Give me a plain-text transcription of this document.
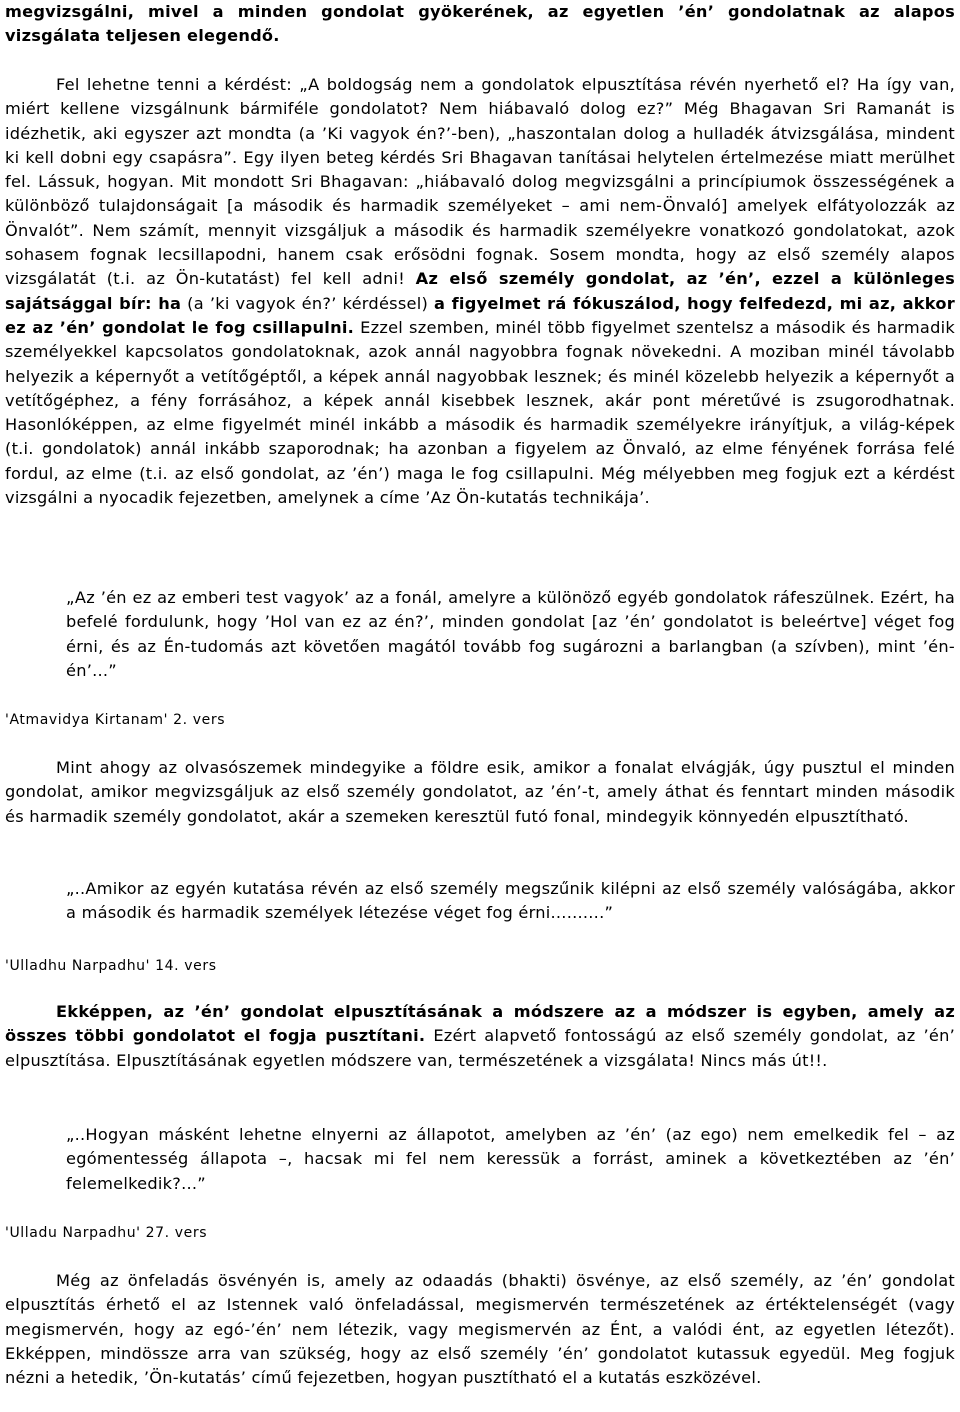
megvizsgálni, mivel a minden gondolat gyökerének, az egyetlen ’én’ gondolatnak az alapos vizsgálata teljesen elegendő.

Fel lehetne tenni a kérdést: „A boldogság nem a gondolatok elpusztítása révén nyerhető el? Ha így van, miért kellene vizsgálnunk bármiféle gondolatot? Nem hiábavaló dolog ez?” Még Bhagavan Sri Ramanát is idézhetik, aki egyszer azt mondta (a ’Ki vagyok én?’-ben), „haszontalan dolog a hulladék átvizsgálása, mindent ki kell dobni egy csapásra”. Egy ilyen beteg kérdés Sri Bhagavan tanításai helytelen értelmezése miatt merülhet fel. Lássuk, hogyan. Mit mondott Sri Bhagavan: „hiábavaló dolog megvizsgálni a princípiumok összességének a különböző tulajdonságait [a második és harmadik személyeket – ami nem-Önvaló] amelyek elfátyolozzák az Önvalót”. Nem számít, mennyit vizsgáljuk a második és harmadik személyekre vonatkozó gondolatokat, azok sohasem fognak lecsillapodni, hanem csak erősödni fognak. Sosem mondta, hogy az első személy alapos vizsgálatát (t.i. az Ön-kutatást) fel kell adni! Az első személy gondolat, az ’én’, ezzel a különleges sajátsággal bír: ha (a ’ki vagyok én?’ kérdéssel) a figyelmet rá fókuszálod, hogy felfedezd, mi az, akkor ez az ’én’ gondolat le fog csillapulni. Ezzel szemben, minél több figyelmet szentelsz a második és harmadik személyekkel kapcsolatos gondolatoknak, azok annál nagyobbra fognak növekedni. A moziban minél távolabb helyezik a képernyőt a vetítőgéptől, a képek annál nagyobbak lesznek; és minél közelebb helyezik a képernyőt a vetítőgéphez, a fény forrásához, a képek annál kisebbek lesznek, akár pont méretűvé is zsugorodhatnak. Hasonlóképpen, az elme figyelmét minél inkább a második és harmadik személyekre irányítjuk, a világ-képek (t.i. gondolatok) annál inkább szaporodnak; ha azonban a figyelem az Önvaló, az elme fényének forrása felé fordul, az elme (t.i. az első gondolat, az ’én’) maga le fog csillapulni. Még mélyebben meg fogjuk ezt a kérdést vizsgálni a nyocadik fejezetben, amelynek a címe ’Az Ön-kutatás technikája’.

„Az ’én ez az emberi test vagyok’ az a fonál, amelyre a különöző egyéb gondolatok ráfeszülnek. Ezért, ha befelé fordulunk, hogy ’Hol van ez az én?’, minden gondolat [az ’én’ gondolatot is beleértve] véget fog érni, és az Én-tudomás azt követően magától tovább fog sugározni a barlangban (a szívben), mint ’én-én’...”

'Atmavidya Kirtanam' 2. vers

Mint ahogy az olvasószemek mindegyike a földre esik, amikor a fonalat elvágják, úgy pusztul el minden gondolat, amikor megvizsgáljuk az első személy gondolatot, az ’én’-t, amely áthat és fenntart minden második és harmadik személy gondolatot, akár a szemeken keresztül futó fonal, mindegyik könnyedén elpusztítható.

„..Amikor az egyén kutatása révén az első személy megszűnik kilépni az első személy valóságába, akkor a második és harmadik személyek létezése véget fog érni..........”

'Ulladhu Narpadhu' 14. vers

Ekképpen, az ’én’ gondolat elpusztításának a módszere az a módszer is egyben, amely az összes többi gondolatot el fogja pusztítani. Ezért alapvető fontosságú az első személy gondolat, az ’én’ elpusztítása. Elpusztításának egyetlen módszere van, természetének a vizsgálata! Nincs más út!!.

„..Hogyan másként lehetne elnyerni az állapotot, amelyben az ’én’ (az ego) nem emelkedik fel – az egómentesség állapota –, hacsak mi fel nem keressük a forrást, aminek a következtében az ’én’ felemelkedik?...”

'Ulladu Narpadhu' 27. vers

Még az önfeladás ösvényén is, amely az odaadás (bhakti) ösvénye, az első személy, az ’én’ gondolat elpusztítás érhető el az Istennek való önfeladással, megismervén természetének az értéktelenségét (vagy megismervén, hogy az egó-’én’ nem létezik, vagy megismervén az Ént, a valódi ént, az egyetlen létezőt). Ekképpen, mindössze arra van szükség, hogy az első személy ’én’ gondolatot kutassuk egyedül. Meg fogjuk nézni a hetedik, ’Ön-kutatás’ című fejezetben, hogyan pusztítható el a kutatás eszközével.
